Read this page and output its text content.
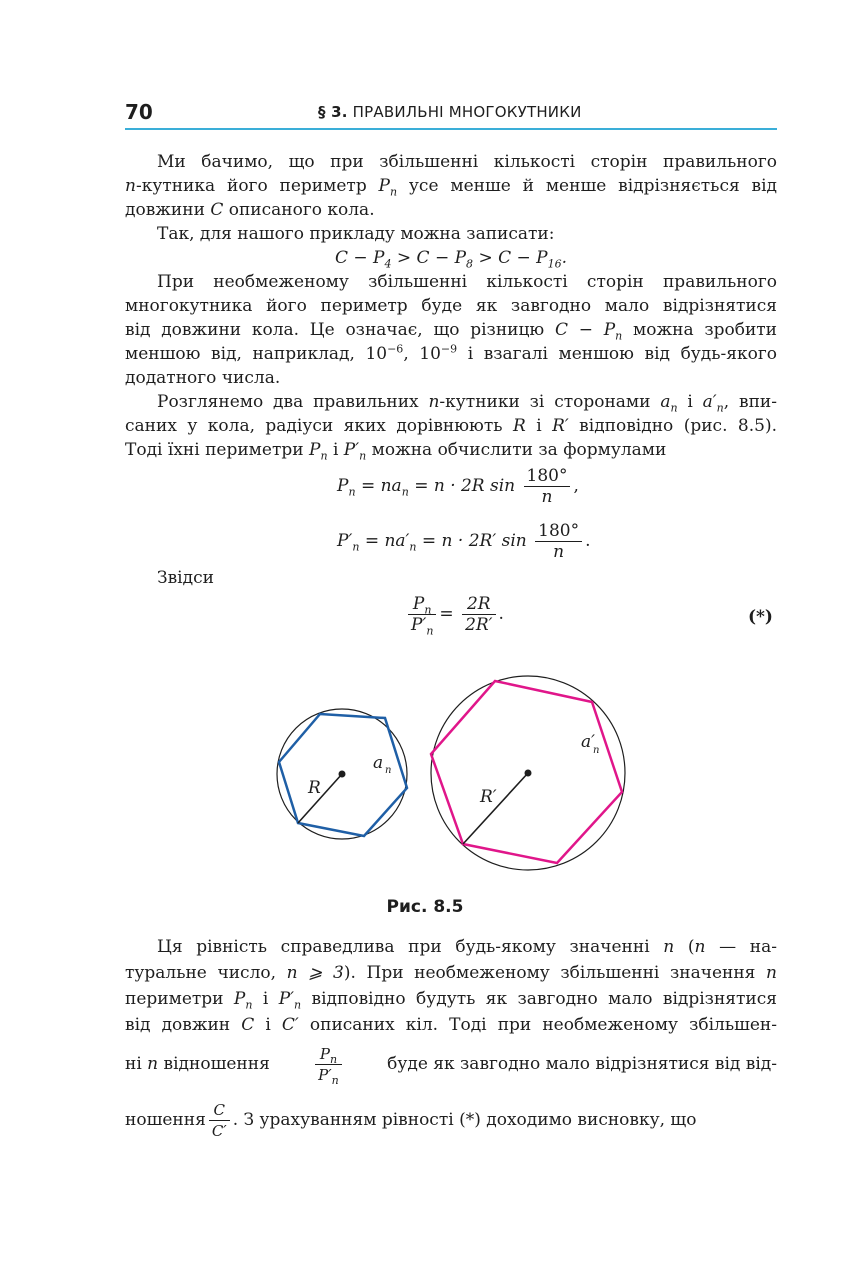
70	§ 3. ПРАВИЛЬНІ МНОГОКУТНИКИ

Ми бачимо, що при збільшенні кількості сторін правильного

n-кутника його периметр $P_n$ усе менше й менше відрізняється від

довжини C описаного кола.

Так, для нашого прикладу можна записати:

$C - P_4 > C - P_8 > C - P_{16}$.

При необмеженому збільшенні кількості сторін правильного

многокутника його периметр буде як завгодно мало відрізнятися

від довжини кола. Це означає, що різницю $C - P_n$ можна зробити

меншою від, наприклад, $10^{-6}$, $10^{-9}$ і взагалі меншою від будь-якого

додатного числа.

Розглянемо два правильних n-кутники зі сторонами $a_n$ і $a'_n$, впи-

саних у кола, радіуси яких дорівнюють R і R′ відповідно (рис. 8.5).

Тоді їхні периметри $P_n$ і $P'_n$ можна обчислити за формулами

$P_n = na_n = n \cdot 2R$ $\sin \frac{180^\circ}{n}$ ,
$P'_n = na'_n = n \cdot 2R'$ $\sin \frac{180^\circ}{n}$ .

Звідси

$\frac{P_n}{P'_n} = \frac{2R}{2R'}$ .	(*)
R
a n
R′
a′
n
Рис. 8.5

Ця рівність справедлива при будь-якому значенні n (n — на-

туральне число, n ⩾ 3). При необмеженому збільшенні значення n

периметри $P_n$ і $P'_n$ відповідно будуть як завгодно мало відрізнятися

від довжин C і C′ описаних кіл. Тоді при необмеженому збільшен-

ні n відношення	$\frac{P_n}{P'_n}$	буде як завгодно мало відрізнятися від від-

ношення $\frac{C}{C'}$ . З урахуванням рівності (*) доходимо висновку, що
